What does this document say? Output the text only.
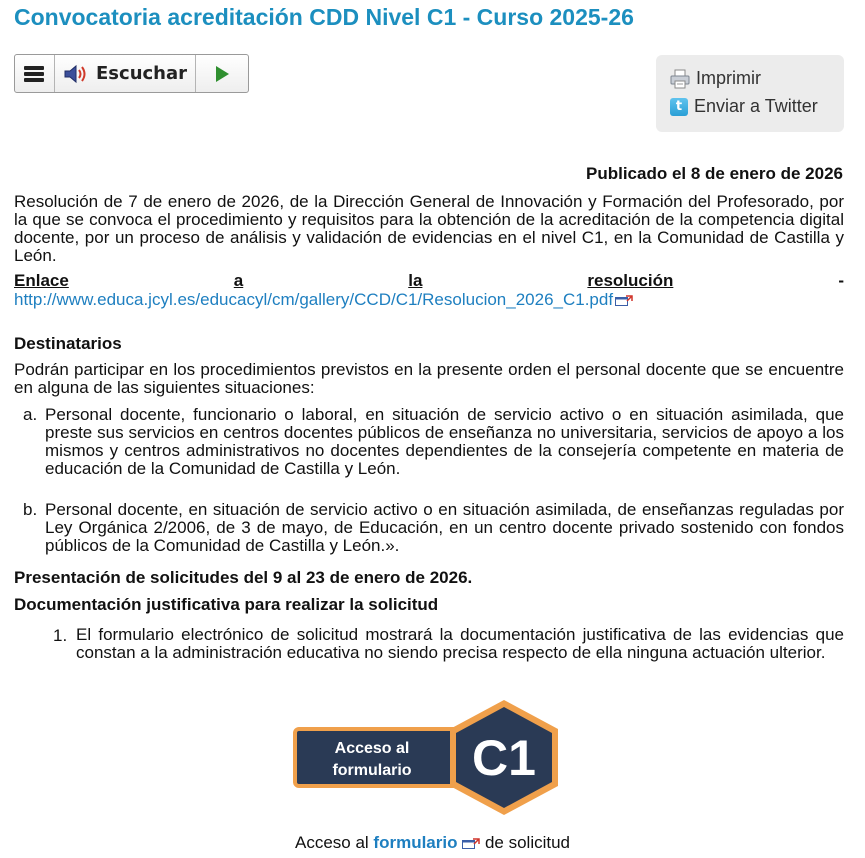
Convocatoria acreditación CDD Nivel C1 - Curso 2025-26
Escuchar	Imprimir
t Enviar a Twitter
Publicado el 8 de enero de 2026
Resolución de 7 de enero de 2026, de la Dirección General de Innovación y Formación del Profesorado, por la que se convoca el procedimiento y requisitos para la obtención de la acreditación de la competencia digital docente, por un proceso de análisis y validación de evidencias en el nivel C1, en la Comunidad de Castilla y León.
Enlace	a	la	resolución	-
http://www.educa.jcyl.es/educacyl/cm/gallery/CCD/C1/Resolucion_2026_C1.pdf
Destinatarios
Podrán participar en los procedimientos previstos en la presente orden el personal docente que se encuentre en alguna de las siguientes situaciones:
a. Personal docente, funcionario o laboral, en situación de servicio activo o en situación asimilada, que preste sus servicios en centros docentes públicos de enseñanza no universitaria, servicios de apoyo a los mismos y centros administrativos no docentes dependientes de la consejería competente en materia de educación de la Comunidad de Castilla y León.
b. Personal docente, en situación de servicio activo o en situación asimilada, de enseñanzas reguladas por Ley Orgánica 2/2006, de 3 de mayo, de Educación, en un centro docente privado sostenido con fondos públicos de la Comunidad de Castilla y León.».
Presentación de solicitudes del 9 al 23 de enero de 2026.
Documentación justificativa para realizar la solicitud
1. El formulario electrónico de solicitud mostrará la documentación justificativa de las evidencias que constan a la administración educativa no siendo precisa respecto de ella ninguna actuación ulterior.
Acceso al
formulario C1
Acceso al formulario de solicitud
